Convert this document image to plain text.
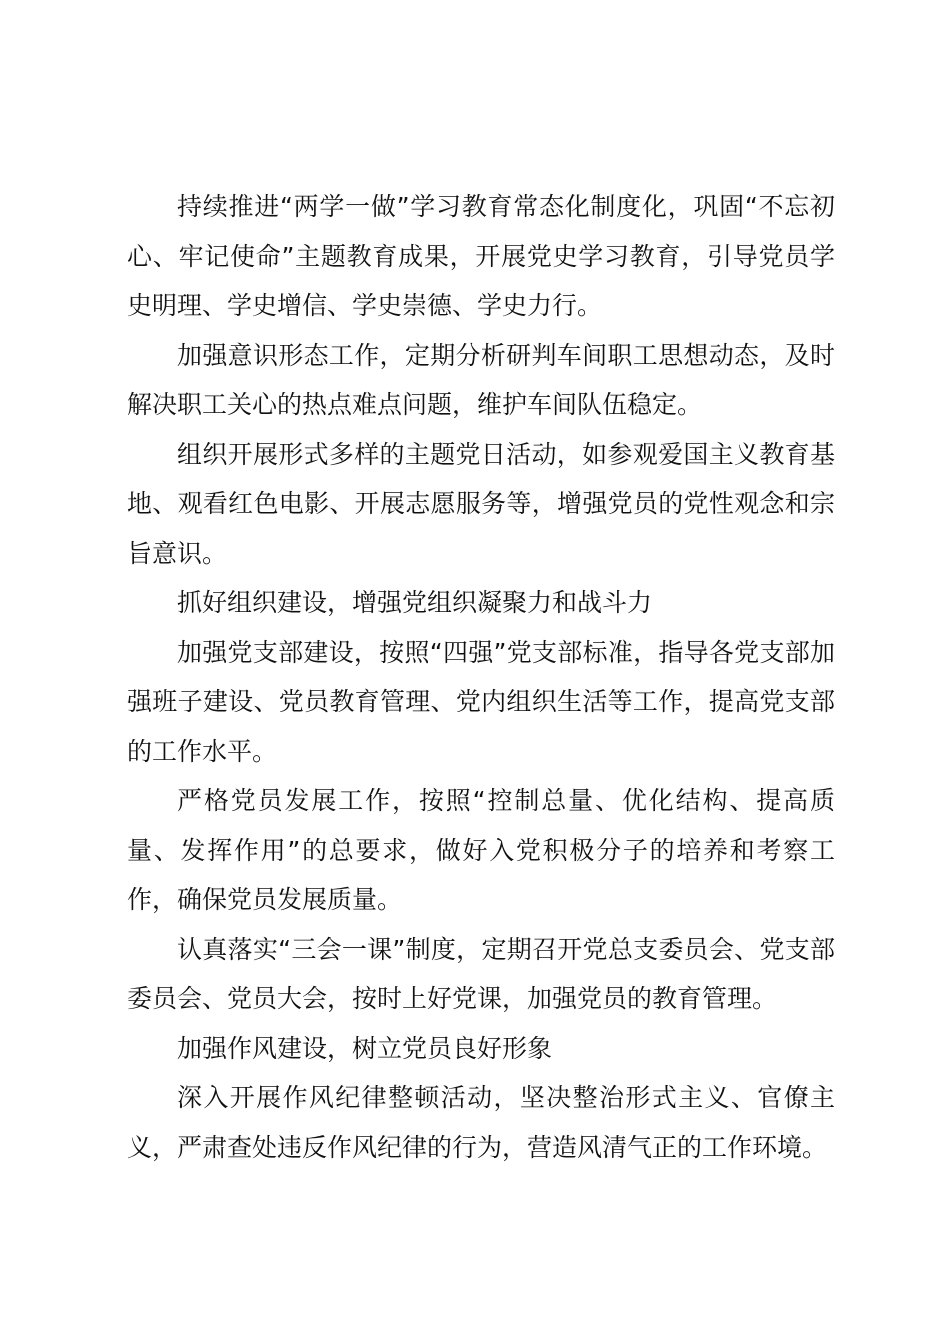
持续推进“两学一做”学习教育常态化制度化，巩固“不忘初心、牢记使命”主题教育成果，开展党史学习教育，引导党员学史明理、学史增信、学史崇德、学史力行。

加强意识形态工作，定期分析研判车间职工思想动态，及时解决职工关心的热点难点问题，维护车间队伍稳定。

组织开展形式多样的主题党日活动，如参观爱国主义教育基地、观看红色电影、开展志愿服务等，增强党员的党性观念和宗旨意识。

抓好组织建设，增强党组织凝聚力和战斗力

加强党支部建设，按照“四强”党支部标准，指导各党支部加强班子建设、党员教育管理、党内组织生活等工作，提高党支部的工作水平。

严格党员发展工作，按照“控制总量、优化结构、提高质量、发挥作用”的总要求，做好入党积极分子的培养和考察工作，确保党员发展质量。

认真落实“三会一课”制度，定期召开党总支委员会、党支部委员会、党员大会，按时上好党课，加强党员的教育管理。

加强作风建设，树立党员良好形象

深入开展作风纪律整顿活动，坚决整治形式主义、官僚主义，严肃查处违反作风纪律的行为，营造风清气正的工作环境。
